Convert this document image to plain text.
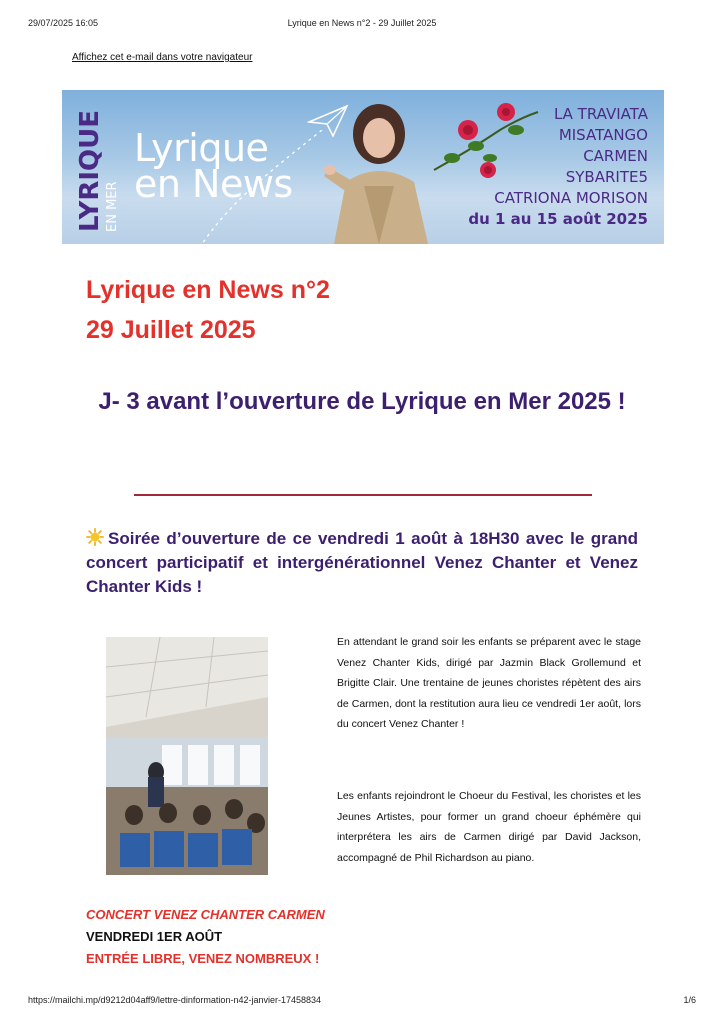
Lyrique en News n°2 - 29 Juillet 2025
29/07/2025 16:05
Affichez cet e-mail dans votre navigateur
LYRIQUE EN MER
Lyrique
en News
LA TRAVIATA
MISATANGO
CARMEN
SYBARITE5
CATRIONA MORISON
du 1 au 15 août 2025
Lyrique en News n°2
29 Juillet 2025
J- 3 avant l’ouverture de Lyrique en Mer 2025 !

Soirée d’ouverture de ce vendredi 1 août à 18H30 avec le grand concert participatif et intergénérationnel Venez Chanter et Venez Chanter Kids !

En attendant le grand soir les enfants se préparent avec le stage Venez Chanter Kids, dirigé par Jazmin Black Grollemund et Brigitte Clair. Une trentaine de jeunes choristes répètent des airs de Carmen, dont la restitution aura lieu ce vendredi 1er août, lors du concert Venez Chanter !

Les enfants rejoindront le Choeur du Festival, les choristes et les Jeunes Artistes, pour former un grand choeur éphémère qui interprétera les airs de Carmen dirigé par David Jackson, accompagné de Phil Richardson au piano.

CONCERT VENEZ CHANTER CARMEN
VENDREDI 1ER AOÛT
ENTRÉE LIBRE, VENEZ NOMBREUX !
https://mailchi.mp/d9212d04aff9/lettre-dinformation-n42-janvier-17458834	1/6
